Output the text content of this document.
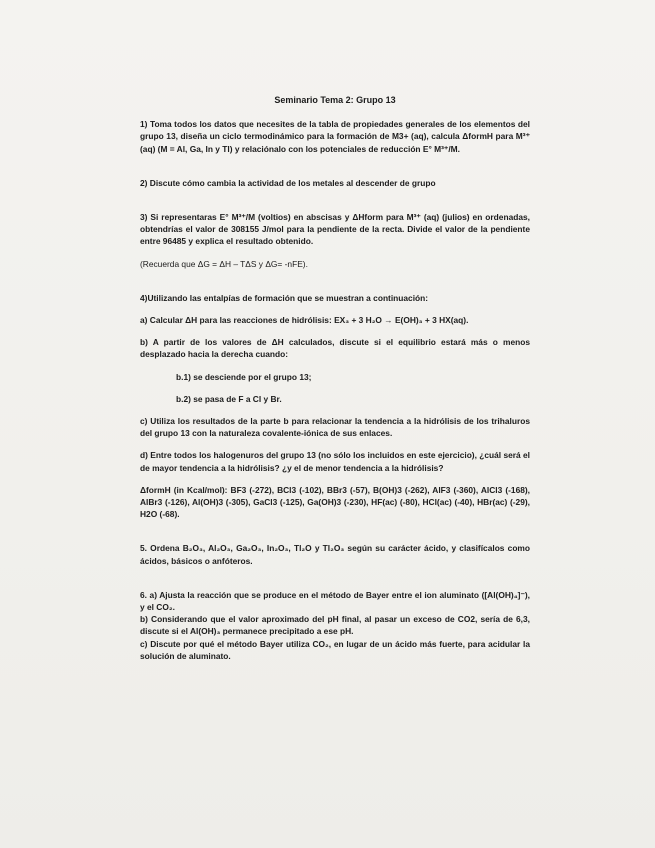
Seminario Tema 2: Grupo 13

1) Toma todos los datos que necesites de la tabla de propiedades generales de los elementos del grupo 13, diseña un ciclo termodinámico para la formación de M3+ (aq), calcula ΔformH para M³⁺ (aq) (M = Al, Ga, In y Tl) y relaciónalo con los potenciales de reducción E° M³⁺/M.

2) Discute cómo cambia la actividad de los metales al descender de grupo

3) Si representaras E° M³⁺/M (voltios) en abscisas y ΔHform para M³⁺ (aq) (julios) en ordenadas, obtendrías el valor de 308155 J/mol para la pendiente de la recta. Divide el valor de la pendiente entre 96485 y explica el resultado obtenido.

(Recuerda que ΔG = ΔH – TΔS y ΔG= -nFE).

4)Utilizando las entalpías de formación que se muestran a continuación:

a) Calcular ΔH para las reacciones de hidrólisis: EX₃ + 3 H₂O → E(OH)₃ + 3 HX(aq).

b) A partir de los valores de ΔH calculados, discute si el equilibrio estará más o menos desplazado hacia la derecha cuando:

b.1) se desciende por el grupo 13;

b.2) se pasa de F a Cl y Br.

c) Utiliza los resultados de la parte b para relacionar la tendencia a la hidrólisis de los trihaluros del grupo 13 con la naturaleza covalente-iónica de sus enlaces.

d) Entre todos los halogenuros del grupo 13 (no sólo los incluidos en este ejercicio), ¿cuál será el de mayor tendencia a la hidrólisis? ¿y el de menor tendencia a la hidrólisis?

ΔformH (in Kcal/mol): BF3 (-272), BCl3 (-102), BBr3 (-57), B(OH)3 (-262), AlF3 (-360), AlCl3 (-168), AlBr3 (-126), Al(OH)3 (-305), GaCl3 (-125), Ga(OH)3 (-230), HF(ac) (-80), HCl(ac) (-40), HBr(ac) (-29), H2O (-68).

5. Ordena B₂O₃, Al₂O₃, Ga₂O₃, In₂O₃, Tl₂O y Tl₂O₃ según su carácter ácido, y clasifícalos como ácidos, básicos o anfóteros.

6. a) Ajusta la reacción que se produce en el método de Bayer entre el ion aluminato ([Al(OH)₄]⁻), y el CO₂.

b) Considerando que el valor aproximado del pH final, al pasar un exceso de CO2, sería de 6,3, discute si el Al(OH)₃ permanece precipitado a ese pH.

c) Discute por qué el método Bayer utiliza CO₂, en lugar de un ácido más fuerte, para acidular la solución de aluminato.
